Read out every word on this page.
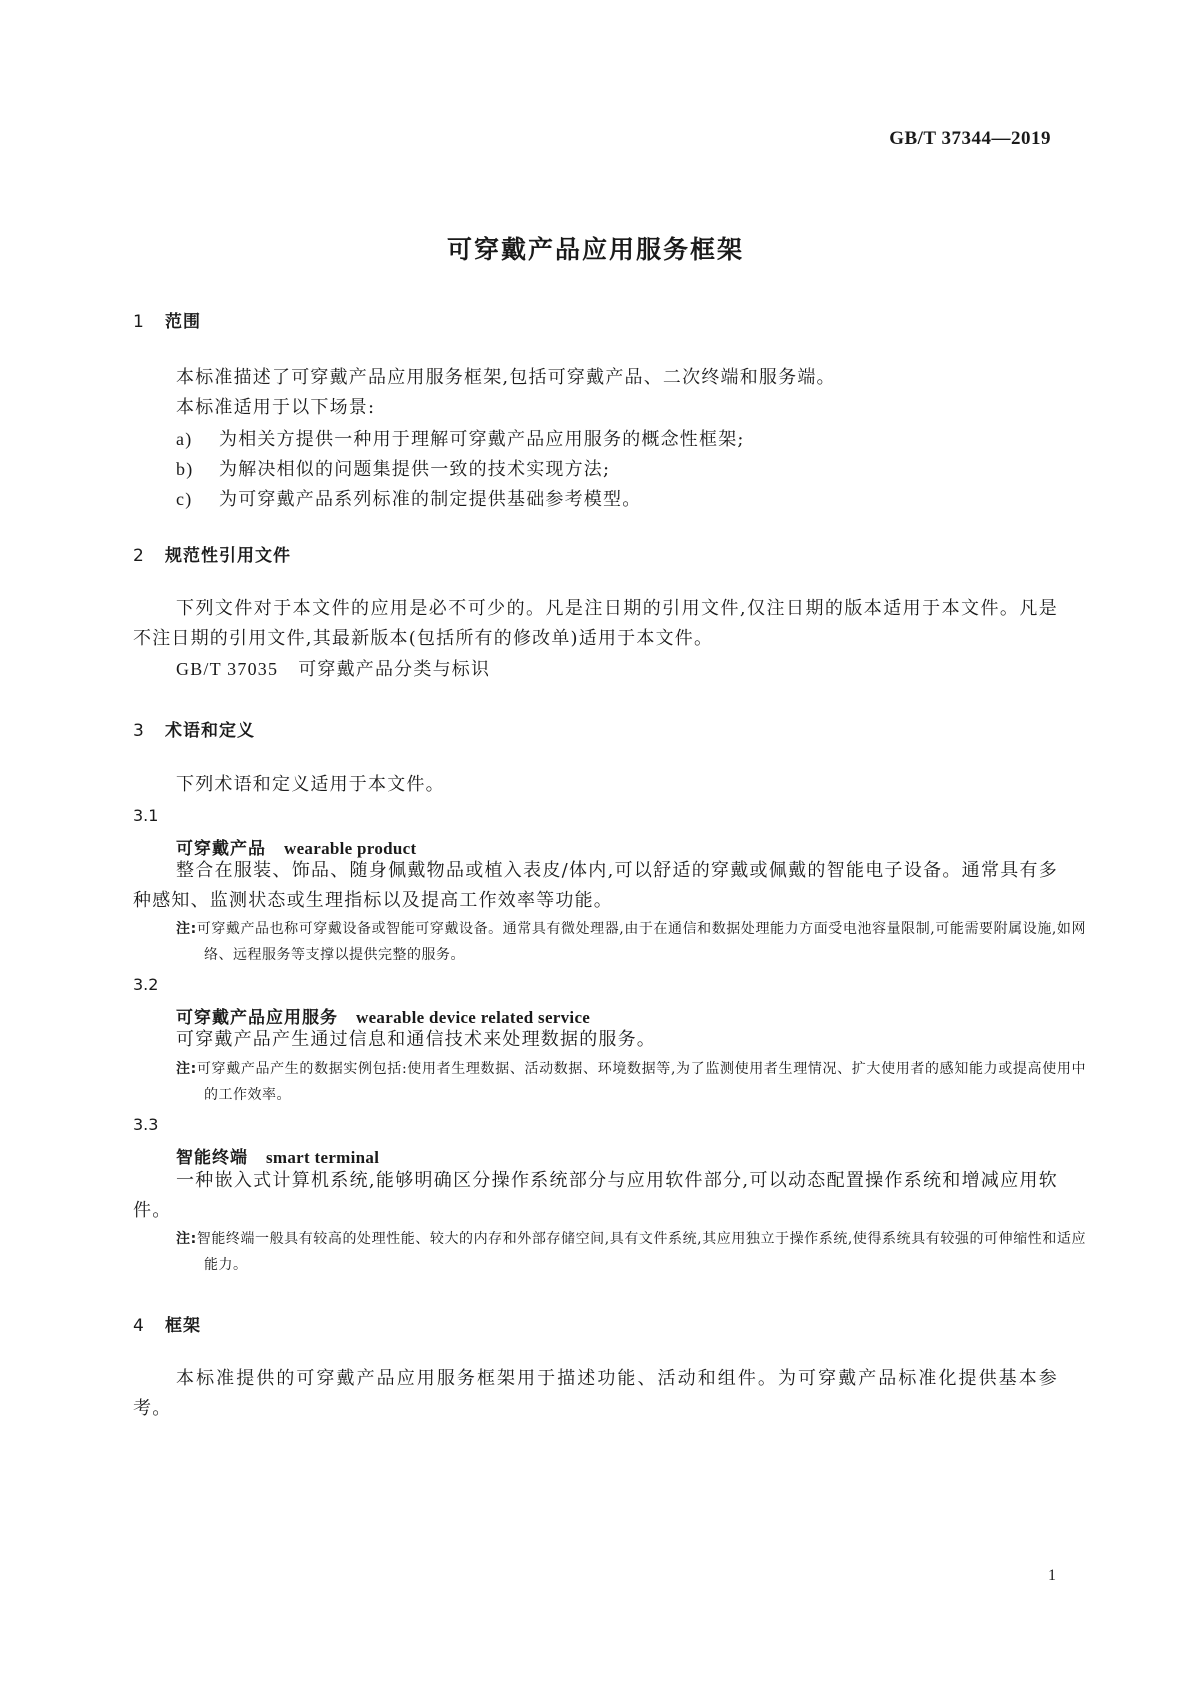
GB/T 37344—2019
可穿戴产品应用服务框架
1 范围
本标准描述了可穿戴产品应用服务框架,包括可穿戴产品、二次终端和服务端。
本标准适用于以下场景:
a) 为相关方提供一种用于理解可穿戴产品应用服务的概念性框架;
b) 为解决相似的问题集提供一致的技术实现方法;
c) 为可穿戴产品系列标准的制定提供基础参考模型。
2 规范性引用文件
下列文件对于本文件的应用是必不可少的。凡是注日期的引用文件,仅注日期的版本适用于本文件。凡是不注日期的引用文件,其最新版本(包括所有的修改单)适用于本文件。
GB/T 37035 可穿戴产品分类与标识
3 术语和定义
下列术语和定义适用于本文件。
3.1
可穿戴产品 wearable product
整合在服装、饰品、随身佩戴物品或植入表皮/体内,可以舒适的穿戴或佩戴的智能电子设备。通常具有多种感知、监测状态或生理指标以及提高工作效率等功能。
注:可穿戴产品也称可穿戴设备或智能可穿戴设备。通常具有微处理器,由于在通信和数据处理能力方面受电池容量限制,可能需要附属设施,如网络、远程服务等支撑以提供完整的服务。
3.2
可穿戴产品应用服务 wearable device related service
可穿戴产品产生通过信息和通信技术来处理数据的服务。
注:可穿戴产品产生的数据实例包括:使用者生理数据、活动数据、环境数据等,为了监测使用者生理情况、扩大使用者的感知能力或提高使用中的工作效率。
3.3
智能终端 smart terminal
一种嵌入式计算机系统,能够明确区分操作系统部分与应用软件部分,可以动态配置操作系统和增减应用软件。
注:智能终端一般具有较高的处理性能、较大的内存和外部存储空间,具有文件系统,其应用独立于操作系统,使得系统具有较强的可伸缩性和适应能力。
4 框架
本标准提供的可穿戴产品应用服务框架用于描述功能、活动和组件。为可穿戴产品标准化提供基本参考。
1
